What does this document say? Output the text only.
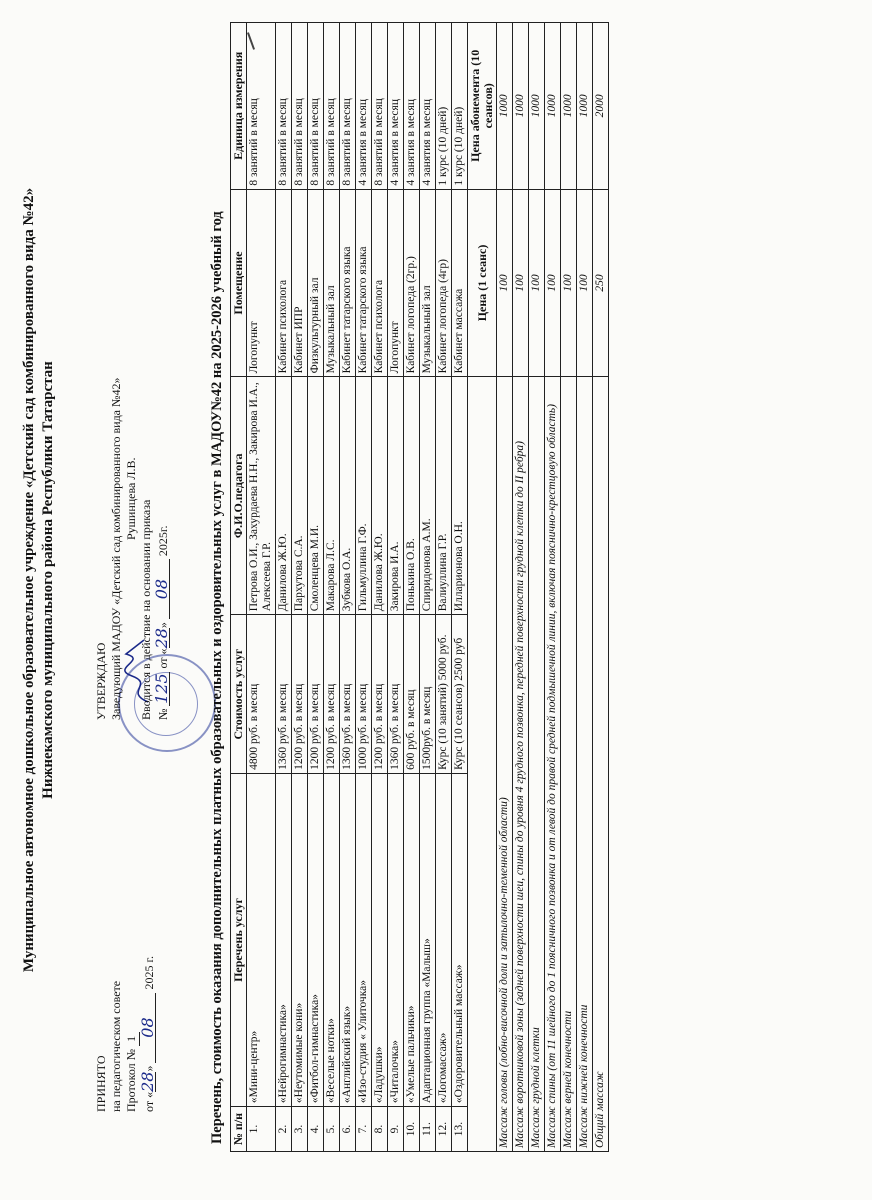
Муниципальное автономное дошкольное образовательное учреждение «Детский сад комбинированного вида №42» Нижнекамского муниципального района Республики Татарстан
ПРИНЯТО на педагогическом совете Протокол № 1
от «28» 08 2025 г.
УТВЕРЖДАЮ Заведующий МАДОУ «Детский сад комбинированного вида №42» Рушинцева Л.В.
Вводится в действие на основании приказа № 125 от «28» 08 2025г.	Перечень, стоимость оказания дополнительных платных образовательных и оздоровительных услуг в МАДОУ№42 на 2025-2026 учебный год № п/н	Перечень услуг	Стоимость услуг	Ф.И.О.педагога	Помещение	Единица измерения
1.	«Мини-центр»	4800 руб. в месяц	Петрова О.И., Захурдаева Н.Н., Закирова И.А., Алексеева Г.Р.	Логопункт	8 занятий в месяц
2.	«Нейрогимнастика»	1360 руб. в месяц	Данилова Ж.Ю.	Кабинет психолога	8 занятий в месяц
3.	«Неутомимые кони»	1200 руб. в месяц	Пархутова С.А.	Кабинет ИПР	8 занятий в месяц
4.	«Фитбол-гимнастика»	1200 руб. в месяц	Смоленцева М.И.	Физкультурный зал	8 занятий в месяц
5.	«Веселые нотки»	1200 руб. в месяц	Макарова Л.С.	Музыкальный зал	8 занятий в месяц
6.	«Английский язык»	1360 руб. в месяц	Зубкова О.А.	Кабинет татарского языка	8 занятий в месяц
7.	«Изо-студия « Улиточка»	1000 руб. в месяц	Гильмуллина Г.Ф.	Кабинет татарского языка	4 занятия в месяц
8.	«Ладушки»	1200 руб. в месяц	Данилова Ж.Ю.	Кабинет психолога	8 занятий в месяц
9.	«Читалочка»	1360 руб. в месяц	Закирова И.А.	Логопункт	4 занятия в месяц
10.	«Умелые пальчики»	600 руб. в месяц	Понькина О.В.	Кабинет логопеда (2гр.)	4 занятия в месяц
11.	Адаптационная группа «Малыш»	1500руб. в месяц	Спиридонова А.М.	Музыкальный зал	4 занятия в месяц
12.	«Логомассаж»	Курс (10 занятий) 5000 руб.	Валиуллина Г.Р.	Кабинет логопеда (4гр)	1 курс (10 дней)
13.	«Оздоровительный массаж»	Курс (10 сеансов) 2500 руб	Илларионова О.Н.	Кабинет массажа	1 курс (10 дней)
				Цена (1 сеанс)	Цена абонемента (10 сеансов)
Массаж головы (лобно-височной доли и затылочно-теменной области)				100	1000
Массаж воротниковой зоны (задней поверхности шеи, спины до уровня 4 грудного позвонка, передней поверхности грудной клетки до II ребра)				100	1000
Массаж грудной клетки				100	1000
Массаж спины (от 11 шейного до 1 поясничного позвонка и от левой до правой средней подмышечной линии, включая пояснично-крестцовую область)				100	1000
Массаж верней конечности				100	1000
Массаж нижней конечности				100	1000
Общий массаж				250	2000
